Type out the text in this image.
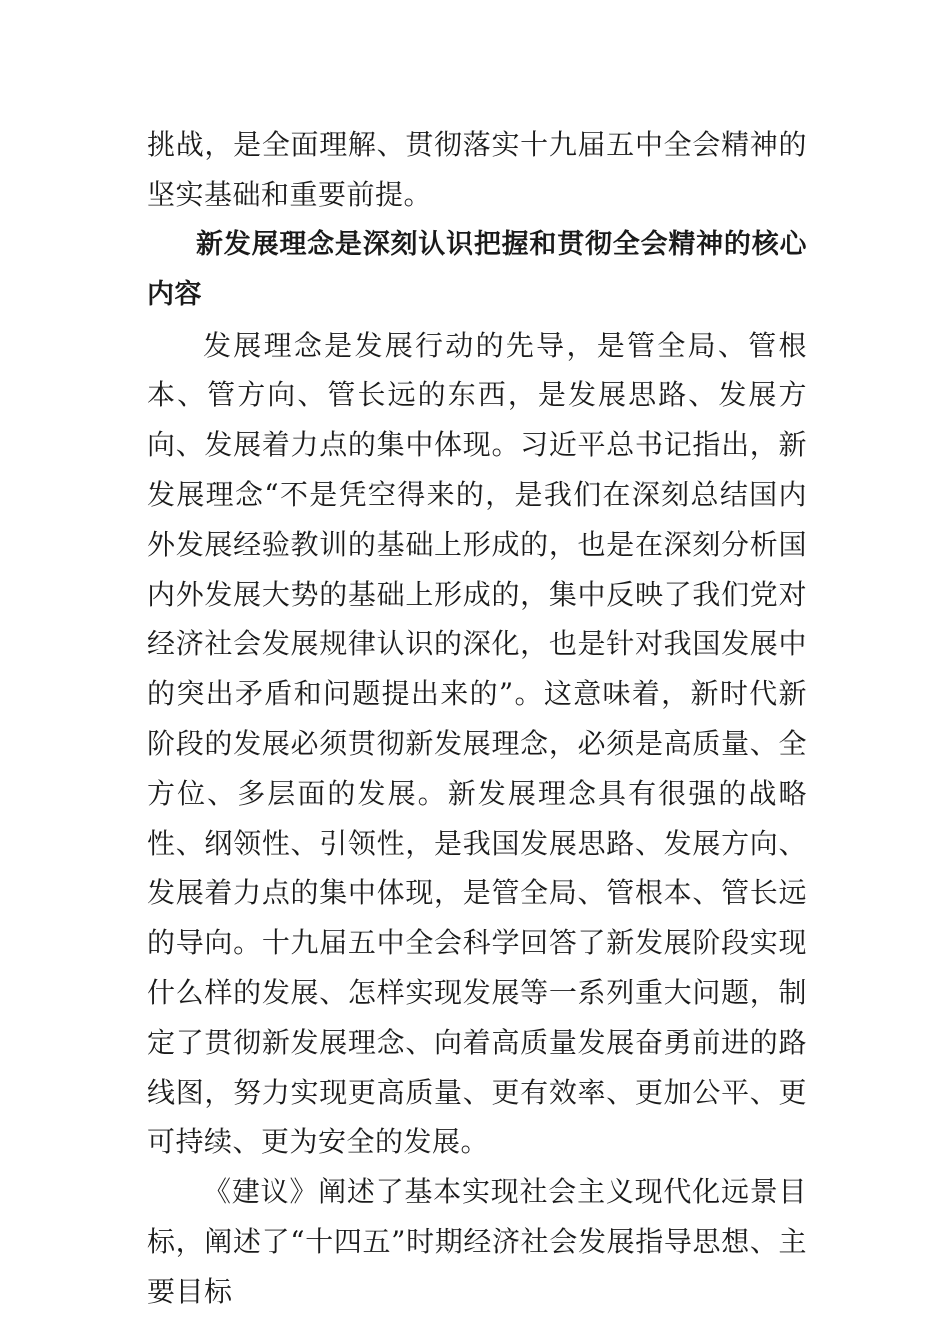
挑战，是全面理解、贯彻落实十九届五中全会精神的坚实基础和重要前提。

新发展理念是深刻认识把握和贯彻全会精神的核心内容

发展理念是发展行动的先导，是管全局、管根本、管方向、管长远的东西，是发展思路、发展方向、发展着力点的集中体现。习近平总书记指出，新发展理念“不是凭空得来的，是我们在深刻总结国内外发展经验教训的基础上形成的，也是在深刻分析国内外发展大势的基础上形成的，集中反映了我们党对经济社会发展规律认识的深化，也是针对我国发展中的突出矛盾和问题提出来的”。这意味着，新时代新阶段的发展必须贯彻新发展理念，必须是高质量、全方位、多层面的发展。新发展理念具有很强的战略性、纲领性、引领性，是我国发展思路、发展方向、发展着力点的集中体现，是管全局、管根本、管长远的导向。十九届五中全会科学回答了新发展阶段实现什么样的发展、怎样实现发展等一系列重大问题，制定了贯彻新发展理念、向着高质量发展奋勇前进的路线图，努力实现更高质量、更有效率、更加公平、更可持续、更为安全的发展。

《建议》阐述了基本实现社会主义现代化远景目标，阐述了“十四五”时期经济社会发展指导思想、主要目标
